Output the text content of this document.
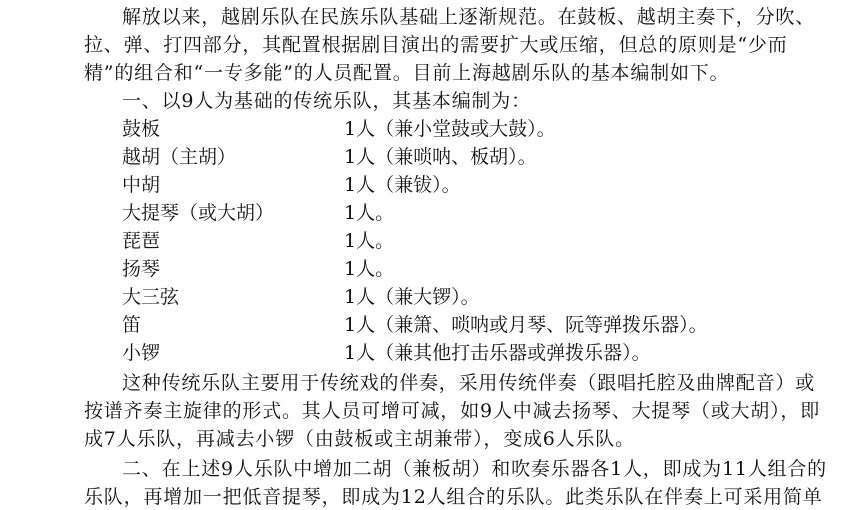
解放以来，越剧乐队在民族乐队基础上逐渐规范。在鼓板、越胡主奏下，分吹、
拉、弹、打四部分，其配置根据剧目演出的需要扩大或压缩，但总的原则是“少而
精”的组合和“一专多能”的人员配置。目前上海越剧乐队的基本编制如下。
一、以9人为基础的传统乐队，其基本编制为：
鼓板	1人（兼小堂鼓或大鼓）。
越胡（主胡）	1人（兼唢呐、板胡）。
中胡	1人（兼钹）。
大提琴（或大胡）	1人。
琵琶	1人。
扬琴	1人。
大三弦	1人（兼大锣）。
笛	1人（兼箫、唢呐或月琴、阮等弹拨乐器）。
小锣	1人（兼其他打击乐器或弹拨乐器）。
这种传统乐队主要用于传统戏的伴奏，采用传统伴奏（跟唱托腔及曲牌配音）或
按谱齐奏主旋律的形式。其人员可增可减，如9人中减去扬琴、大提琴（或大胡），即
成7人乐队，再减去小锣（由鼓板或主胡兼带），变成6人乐队。
二、在上述9人乐队中增加二胡（兼板胡）和吹奏乐器各1人，即成为11人组合的
乐队，再增加一把低音提琴，即成为12人组合的乐队。此类乐队在伴奏上可采用简单
